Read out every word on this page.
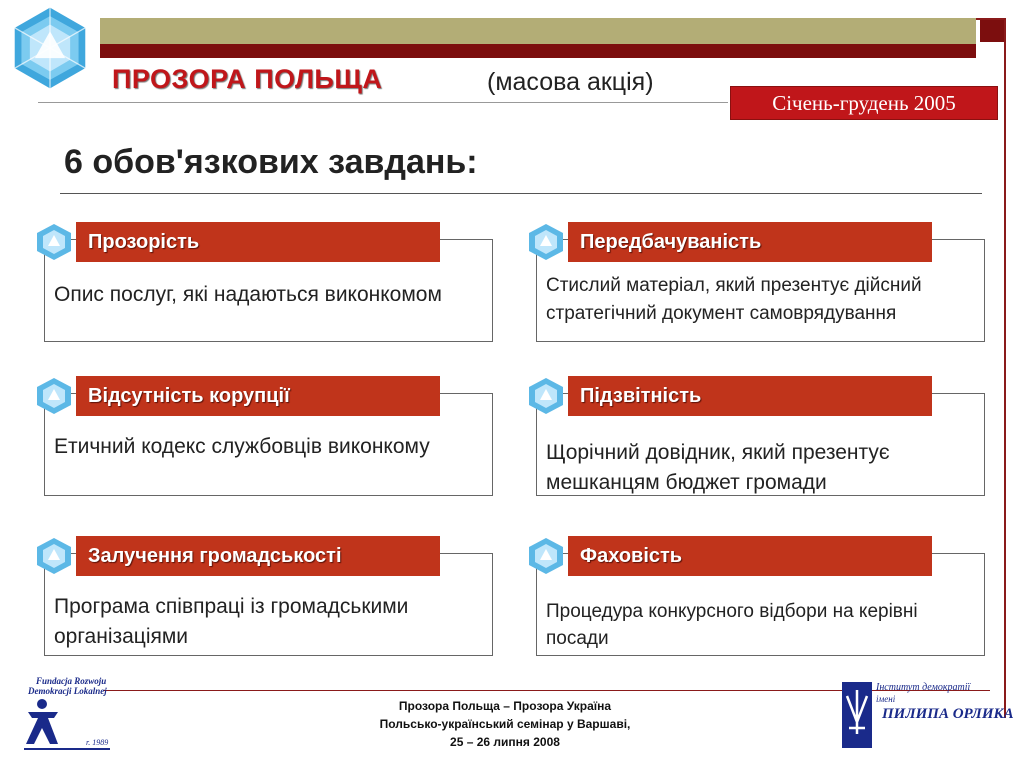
ПРОЗОРА ПОЛЬЩА	(масова акція)
Січень-грудень 2005
6 обов'язкових завдань:
Прозорість
Опис послуг, які надаються виконкомом
Передбачуваність
Стислий матеріал, який презентує дійсний стратегічний документ самоврядування
Відсутність корупції
Етичний кодекс службовців виконкому
Підзвітність
Щорічний довідник, який презентує мешканцям бюджет громади
Залучення громадськості
Програма співпраці із громадськими організаціями
Фаховість
Процедура конкурсного відбори на керівні посади
Прозора Польща – Прозора Україна
Польсько-український семінар у Варшаві,
25 – 26 липня 2008
Fundacja Rozwoju
Demokracji Lokalnej
r. 1989
Інститут демократії
імені
ПИЛИПА ОРЛИКА
